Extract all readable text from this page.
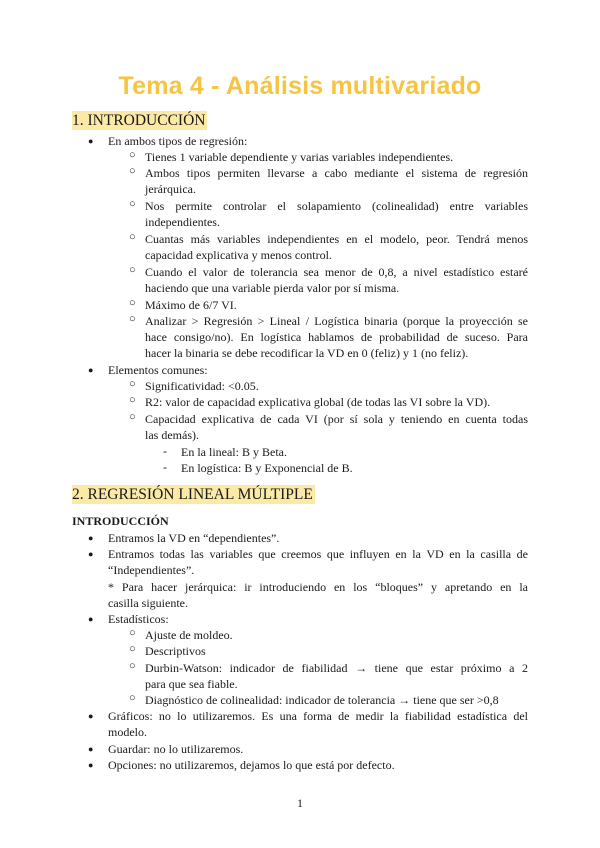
Tema 4 - Análisis multivariado
1. INTRODUCCIÓN
● En ambos tipos de regresión:
○ Tienes 1 variable dependiente y varias variables independientes.
○ Ambos tipos permiten llevarse a cabo mediante el sistema de regresión
jerárquica.
○ Nos permite controlar el solapamiento (colinealidad) entre variables
independientes.
○ Cuantas más variables independientes en el modelo, peor. Tendrá menos
capacidad explicativa y menos control.
○ Cuando el valor de tolerancia sea menor de 0,8, a nivel estadístico estaré
haciendo que una variable pierda valor por sí misma.
○ Máximo de 6/7 VI.
○ Analizar > Regresión > Lineal / Logística binaria (porque la proyección se
hace consigo/no). En logística hablamos de probabilidad de suceso. Para
hacer la binaria se debe recodificar la VD en 0 (feliz) y 1 (no feliz).
● Elementos comunes:
○ Significatividad: <0.05.
○ R2: valor de capacidad explicativa global (de todas las VI sobre la VD).
○ Capacidad explicativa de cada VI (por sí sola y teniendo en cuenta todas
las demás).
- En la lineal: B y Beta.
- En logística: B y Exponencial de B.
2. REGRESIÓN LINEAL MÚLTIPLE
INTRODUCCIÓN
● Entramos la VD en “dependientes”.
● Entramos todas las variables que creemos que influyen en la VD en la casilla de
“Independientes”.
* Para hacer jerárquica: ir introduciendo en los “bloques” y apretando en la
casilla siguiente.
● Estadísticos:
○ Ajuste de moldeo.
○ Descriptivos
○ Durbin-Watson: indicador de fiabilidad → tiene que estar próximo a 2
para que sea fiable.
○ Diagnóstico de colinealidad: indicador de tolerancia → tiene que ser >0,8
● Gráficos: no lo utilizaremos. Es una forma de medir la fiabilidad estadística del
modelo.
● Guardar: no lo utilizaremos.
● Opciones: no utilizaremos, dejamos lo que está por defecto.
1
